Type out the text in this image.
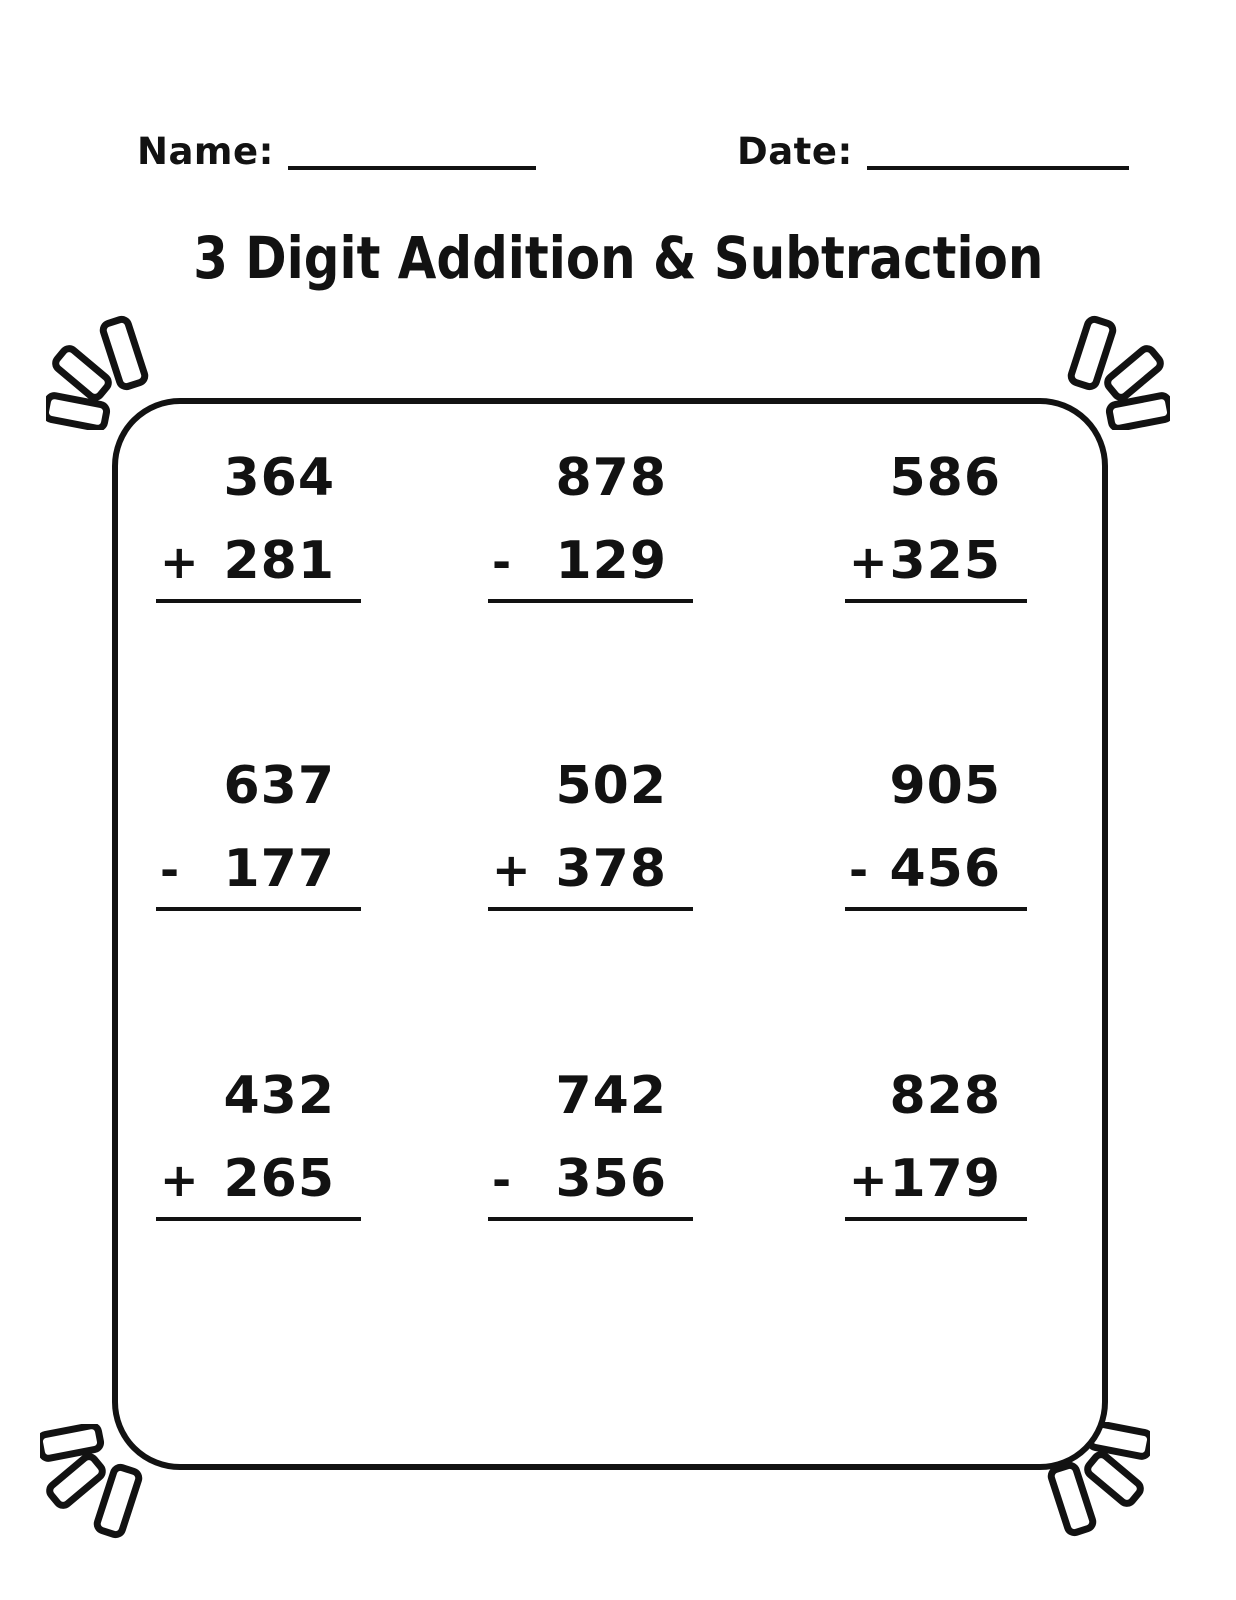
Name:	Date:
3 Digit Addition & Subtraction
364
+ 281
878
- 129
586
+ 325
637
- 177
502
+ 378
905
- 456
432
+ 265
742
- 356
828
+ 179
